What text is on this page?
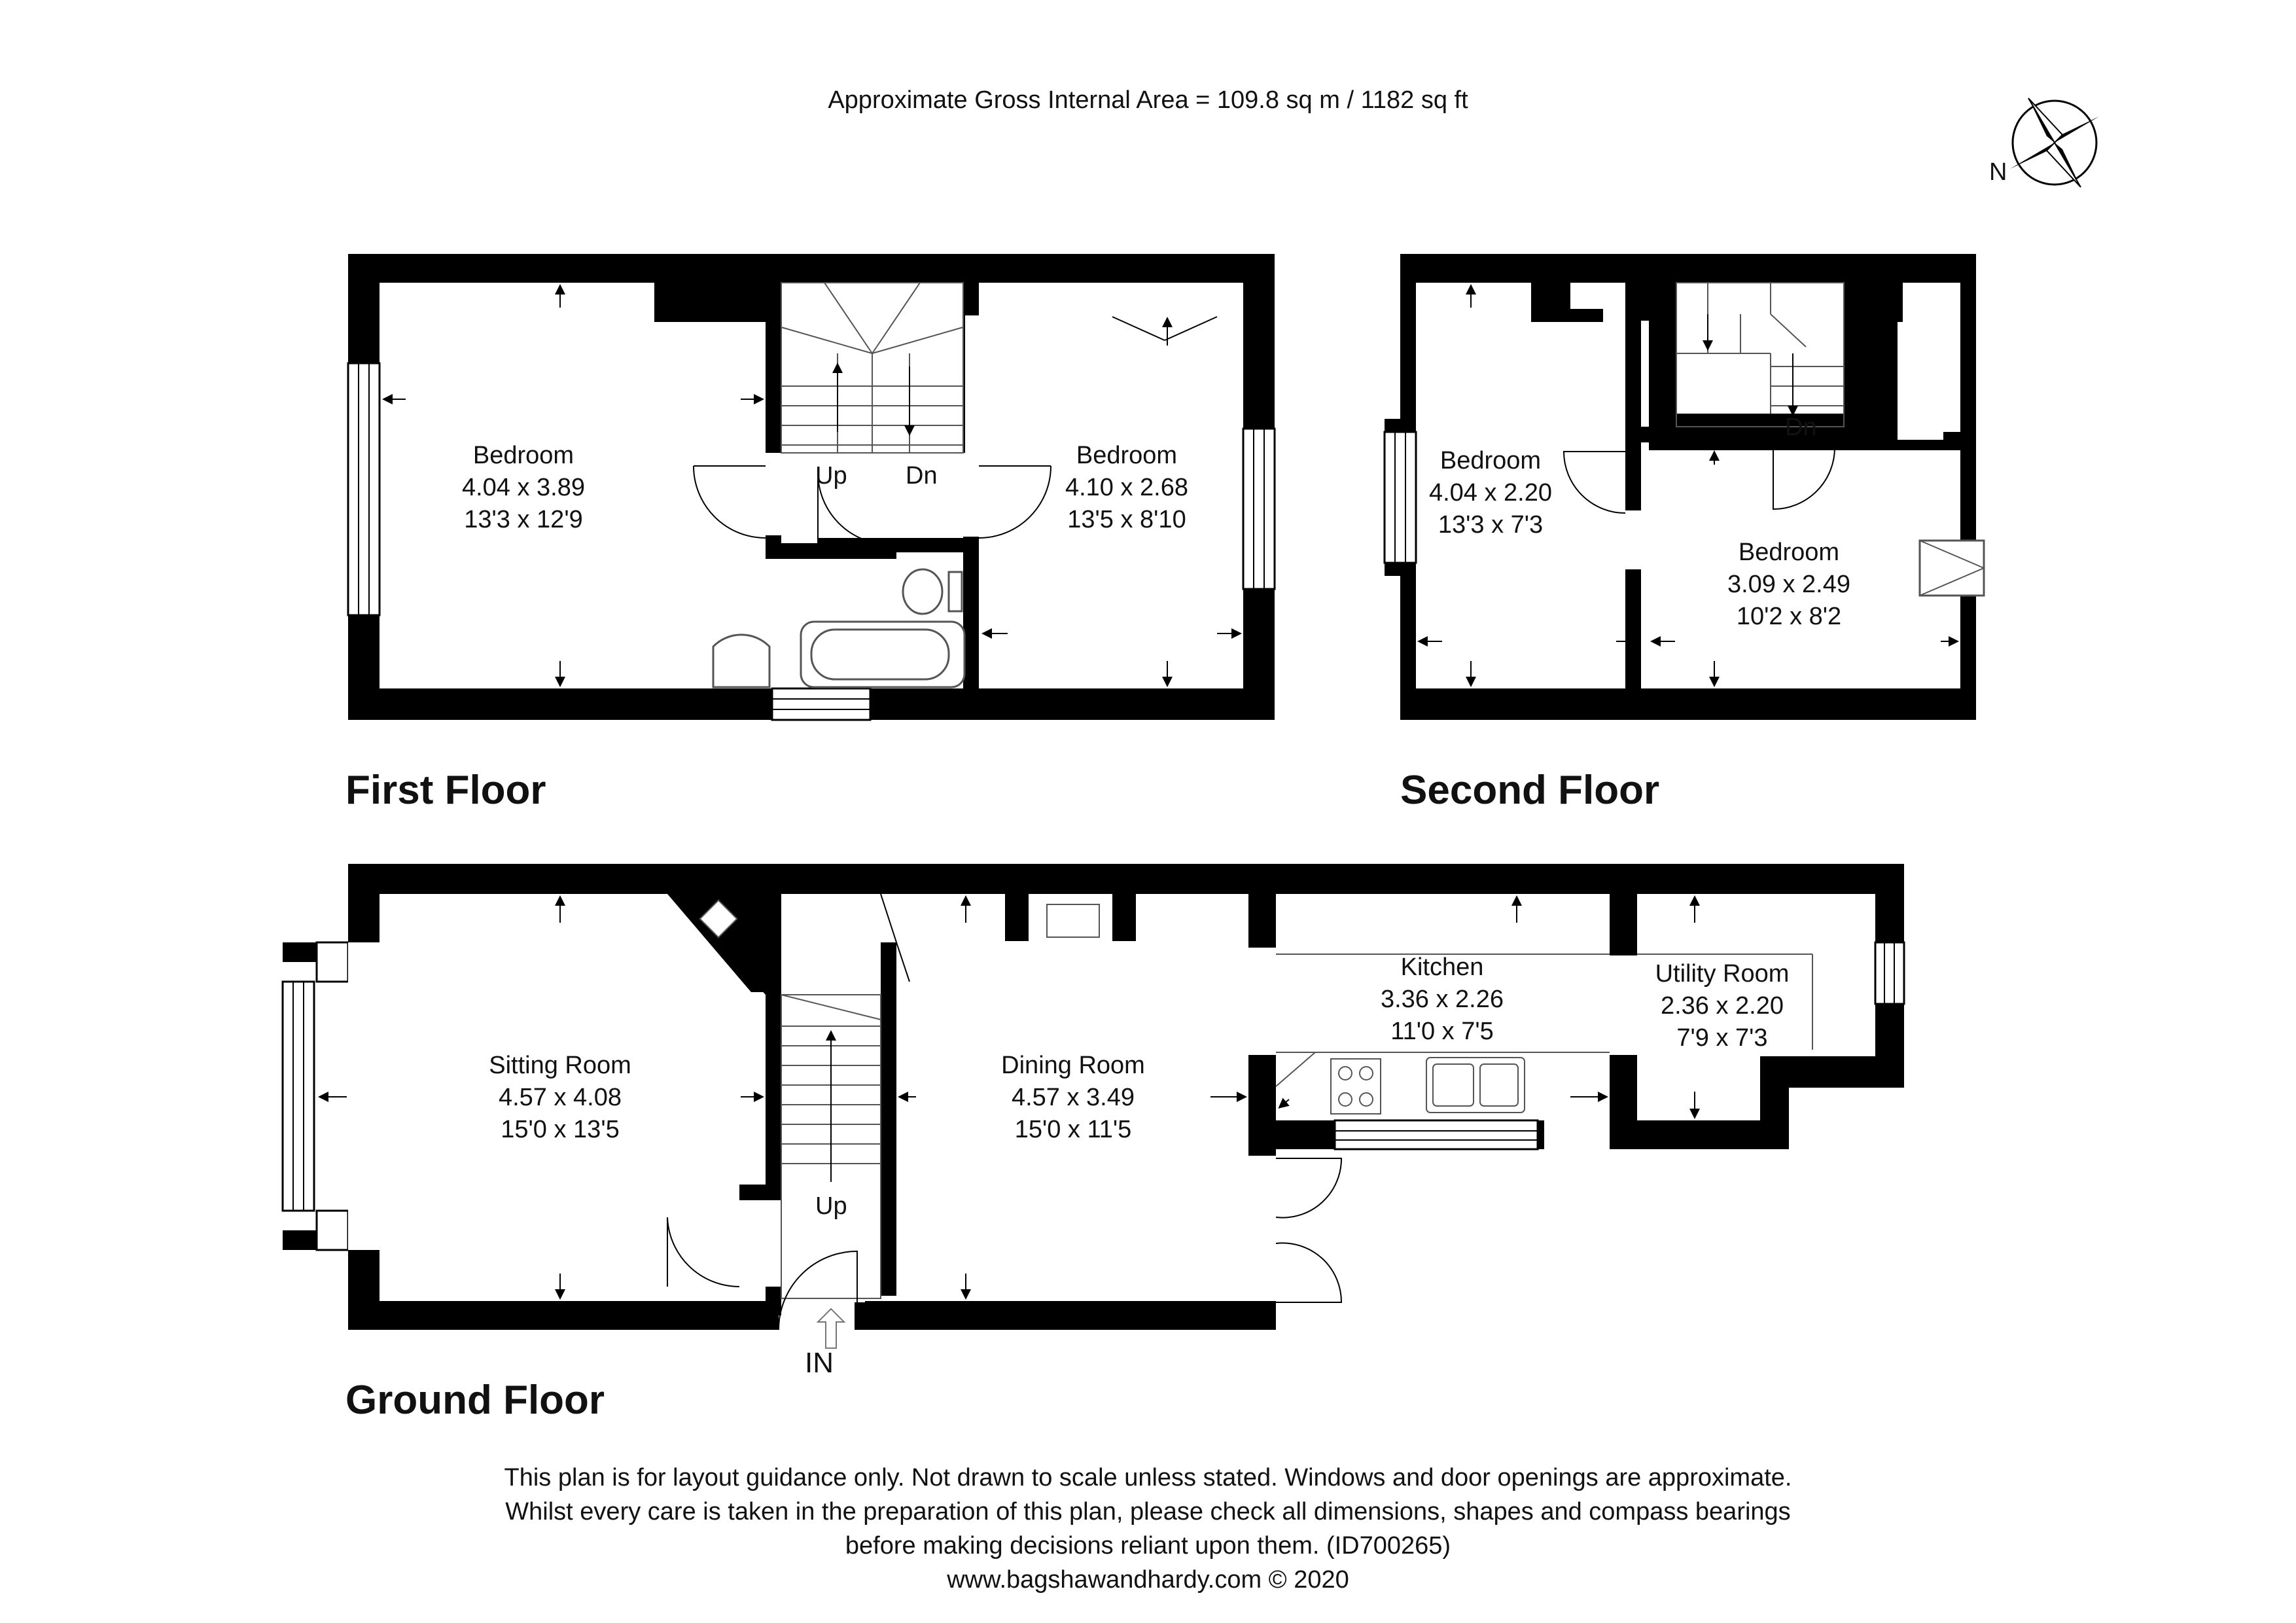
Approximate Gross Internal Area = 109.8 sq m / 1182 sq ft
N
Bedroom
4.04 x 3.89
13'3 x 12'9
Bedroom
4.10 x 2.68
13'5 x 8'10
Up Dn
First Floor
Bedroom
4.04 x 2.20
13'3 x 7'3
Bedroom
3.09 x 2.49
10'2 x 8'2
Dn
Second Floor
Sitting Room
4.57 x 4.08
15'0 x 13'5
Dining Room
4.57 x 3.49
15'0 x 11'5
Kitchen
3.36 x 2.26
11'0 x 7'5
Utility Room
2.36 x 2.20
7'9 x 7'3
Up
IN
Ground Floor
This plan is for layout guidance only. Not drawn to scale unless stated. Windows and door openings are approximate.
Whilst every care is taken in the preparation of this plan, please check all dimensions, shapes and compass bearings
before making decisions reliant upon them. (ID700265)
www.bagshawandhardy.com © 2020
